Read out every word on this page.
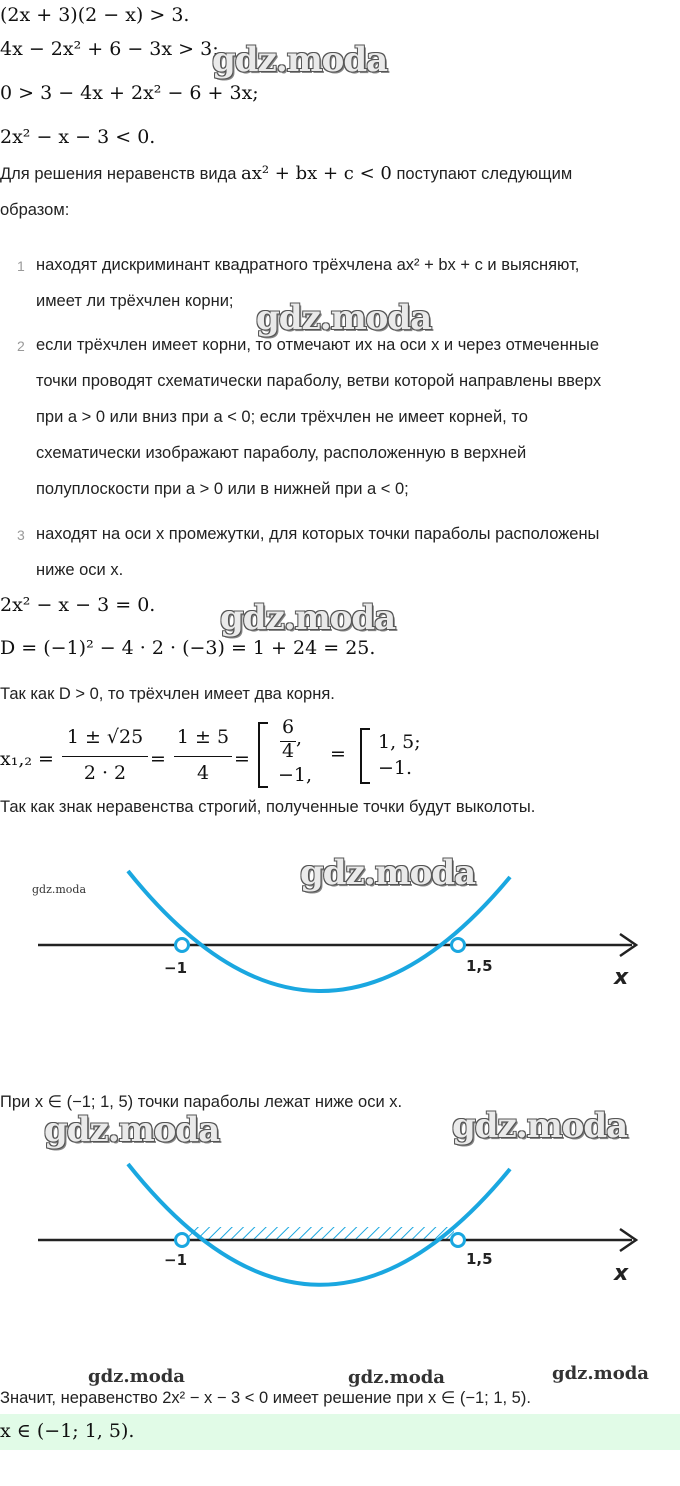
(2x + 3)(2 − x) > 3.
4x − 2x² + 6 − 3x > 3;
0 > 3 − 4x + 2x² − 6 + 3x;
2x² − x − 3 < 0.
Для решения неравенств вида ax² + bx + c < 0 поступают следующим
образом:
1 находят дискриминант квадратного трёхчлена ax² + bx + c и выясняют,
имеет ли трёхчлен корни;
2 если трёхчлен имеет корни, то отмечают их на оси x и через отмеченные
точки проводят схематически параболу, ветви которой направлены вверх
при a > 0 или вниз при a < 0; если трёхчлен не имеет корней, то
схематически изображают параболу, расположенную в верхней
полуплоскости при a > 0 или в нижней при a < 0;
3 находят на оси x промежутки, для которых точки параболы расположены
ниже оси x.
2x² − x − 3 = 0.
D = (−1)² − 4 · 2 · (−3) = 1 + 24 = 25.
Так как D > 0, то трёхчлен имеет два корня.
x₁,₂ =
1 ± √25
2 · 2
=
1 ± 5
4
=
6
4
,
−1,
=
1, 5;
−1.
Так как знак неравенства строгий, полученные точки будут выколоты.
−1	1,5	x
При x ∈ (−1; 1, 5) точки параболы лежат ниже оси x.
−1	1,5
x
Значит, неравенство 2x² − x − 3 < 0 имеет решение при x ∈ (−1; 1, 5).
x ∈ (−1; 1, 5).
gdz.moda
gdz.moda
gdz.moda
gdz.moda
gdz.moda
gdz.moda	gdz.moda
gdz.moda	gdz.moda	gdz.moda
